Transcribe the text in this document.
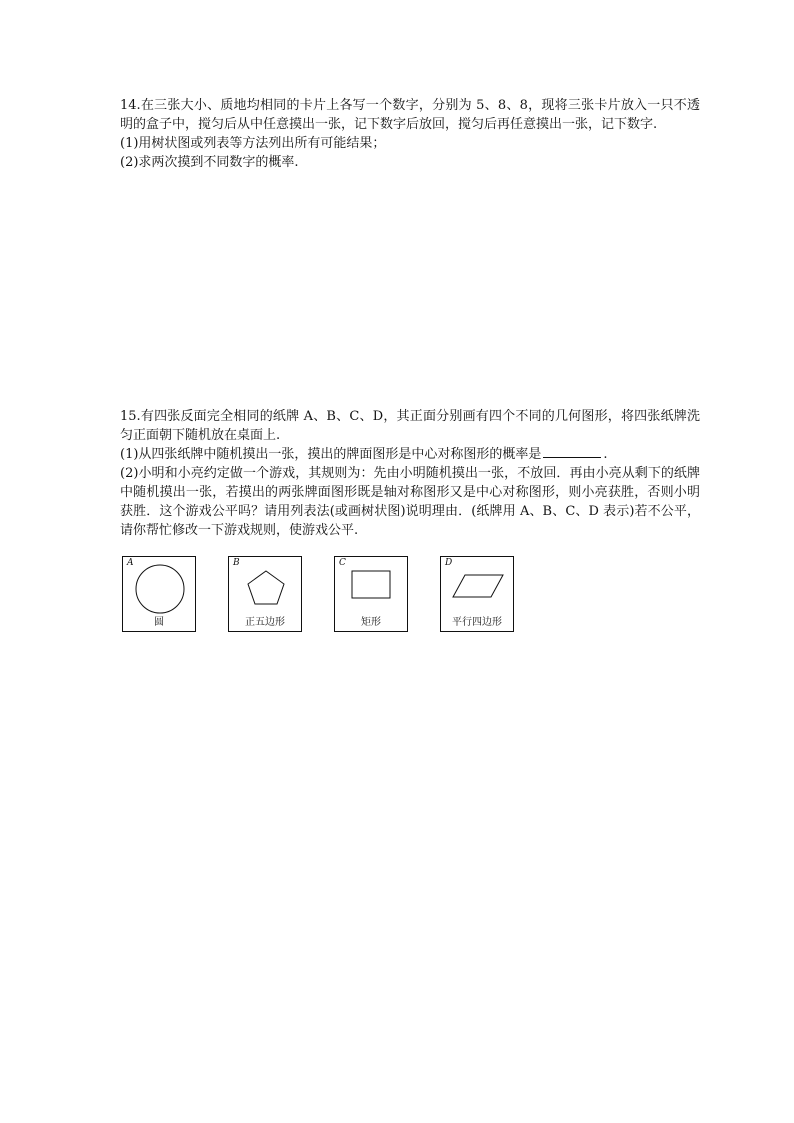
14.在三张大小、质地均相同的卡片上各写一个数字，分别为 5、8、8，现将三张卡片放入一只不透明的盒子中，搅匀后从中任意摸出一张，记下数字后放回，搅匀后再任意摸出一张，记下数字.

(1)用树状图或列表等方法列出所有可能结果；

(2)求两次摸到不同数字的概率.

15.有四张反面完全相同的纸牌 A、B、C、D，其正面分别画有四个不同的几何图形，将四张纸牌洗匀正面朝下随机放在桌面上.

(1)从四张纸牌中随机摸出一张，摸出的牌面图形是中心对称图形的概率是	.

(2)小明和小亮约定做一个游戏，其规则为：先由小明随机摸出一张，不放回．再由小亮从剩下的纸牌中随机摸出一张，若摸出的两张牌面图形既是轴对称图形又是中心对称图形，则小亮获胜，否则小明获胜．这个游戏公平吗？请用列表法(或画树状图)说明理由．(纸牌用 A、B、C、D 表示)若不公平，请你帮忙修改一下游戏规则，使游戏公平.

A
圆
B
正五边形
C
矩形
D
平行四边形
